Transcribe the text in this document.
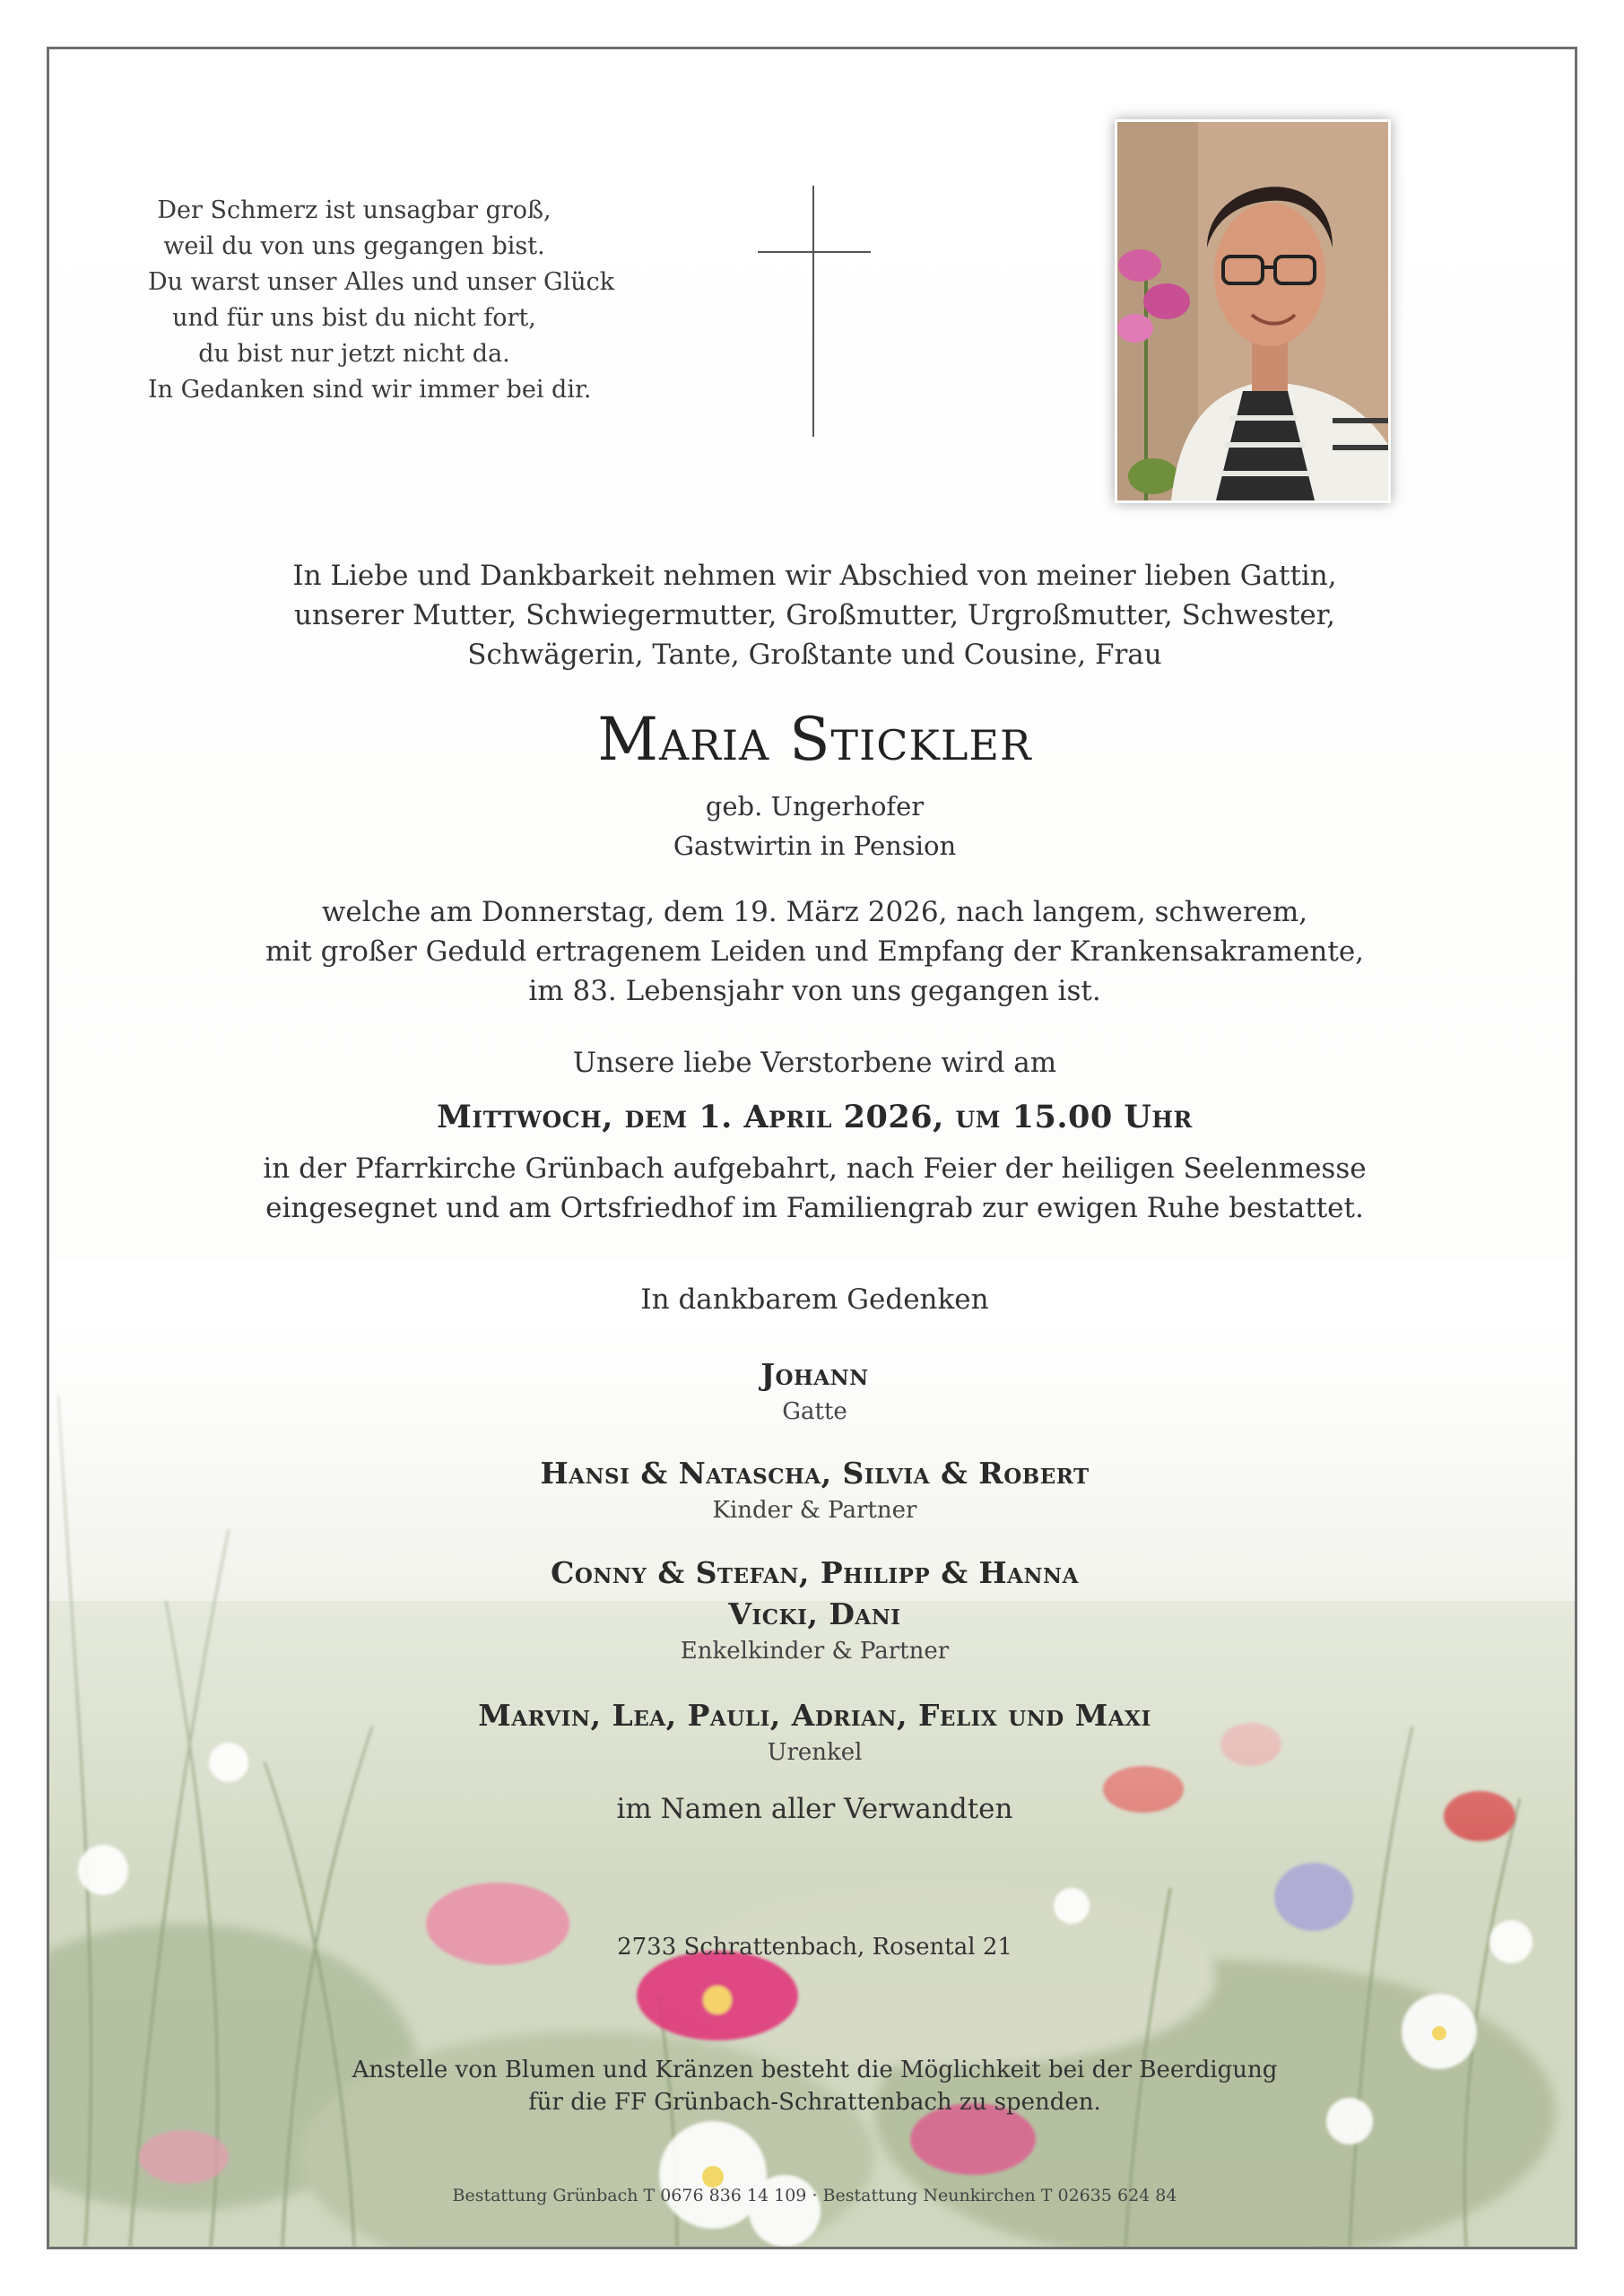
Der Schmerz ist unsagbar groß,
weil du von uns gegangen bist.
Du warst unser Alles und unser Glück
und für uns bist du nicht fort,
du bist nur jetzt nicht da.
In Gedanken sind wir immer bei dir.
In Liebe und Dankbarkeit nehmen wir Abschied von meiner lieben Gattin,
unserer Mutter, Schwiegermutter, Großmutter, Urgroßmutter, Schwester,
Schwägerin, Tante, Großtante und Cousine, Frau
Maria Stickler
geb. Ungerhofer
Gastwirtin in Pension
welche am Donnerstag, dem 19. März 2026, nach langem, schwerem,
mit großer Geduld ertragenem Leiden und Empfang der Krankensakramente,
im 83. Lebensjahr von uns gegangen ist.
Unsere liebe Verstorbene wird am
Mittwoch, dem 1. April 2026, um 15.00 Uhr
in der Pfarrkirche Grünbach aufgebahrt, nach Feier der heiligen Seelenmesse
eingesegnet und am Ortsfriedhof im Familiengrab zur ewigen Ruhe bestattet.
In dankbarem Gedenken
Johann
Gatte
Hansi & Natascha, Silvia & Robert
Kinder & Partner
Conny & Stefan, Philipp & Hanna
Vicki, Dani
Enkelkinder & Partner
Marvin, Lea, Pauli, Adrian, Felix und Maxi
Urenkel
im Namen aller Verwandten
2733 Schrattenbach, Rosental 21
Anstelle von Blumen und Kränzen besteht die Möglichkeit bei der Beerdigung
für die FF Grünbach-Schrattenbach zu spenden.
Bestattung Grünbach T 0676 836 14 109 · Bestattung Neunkirchen T 02635 624 84
